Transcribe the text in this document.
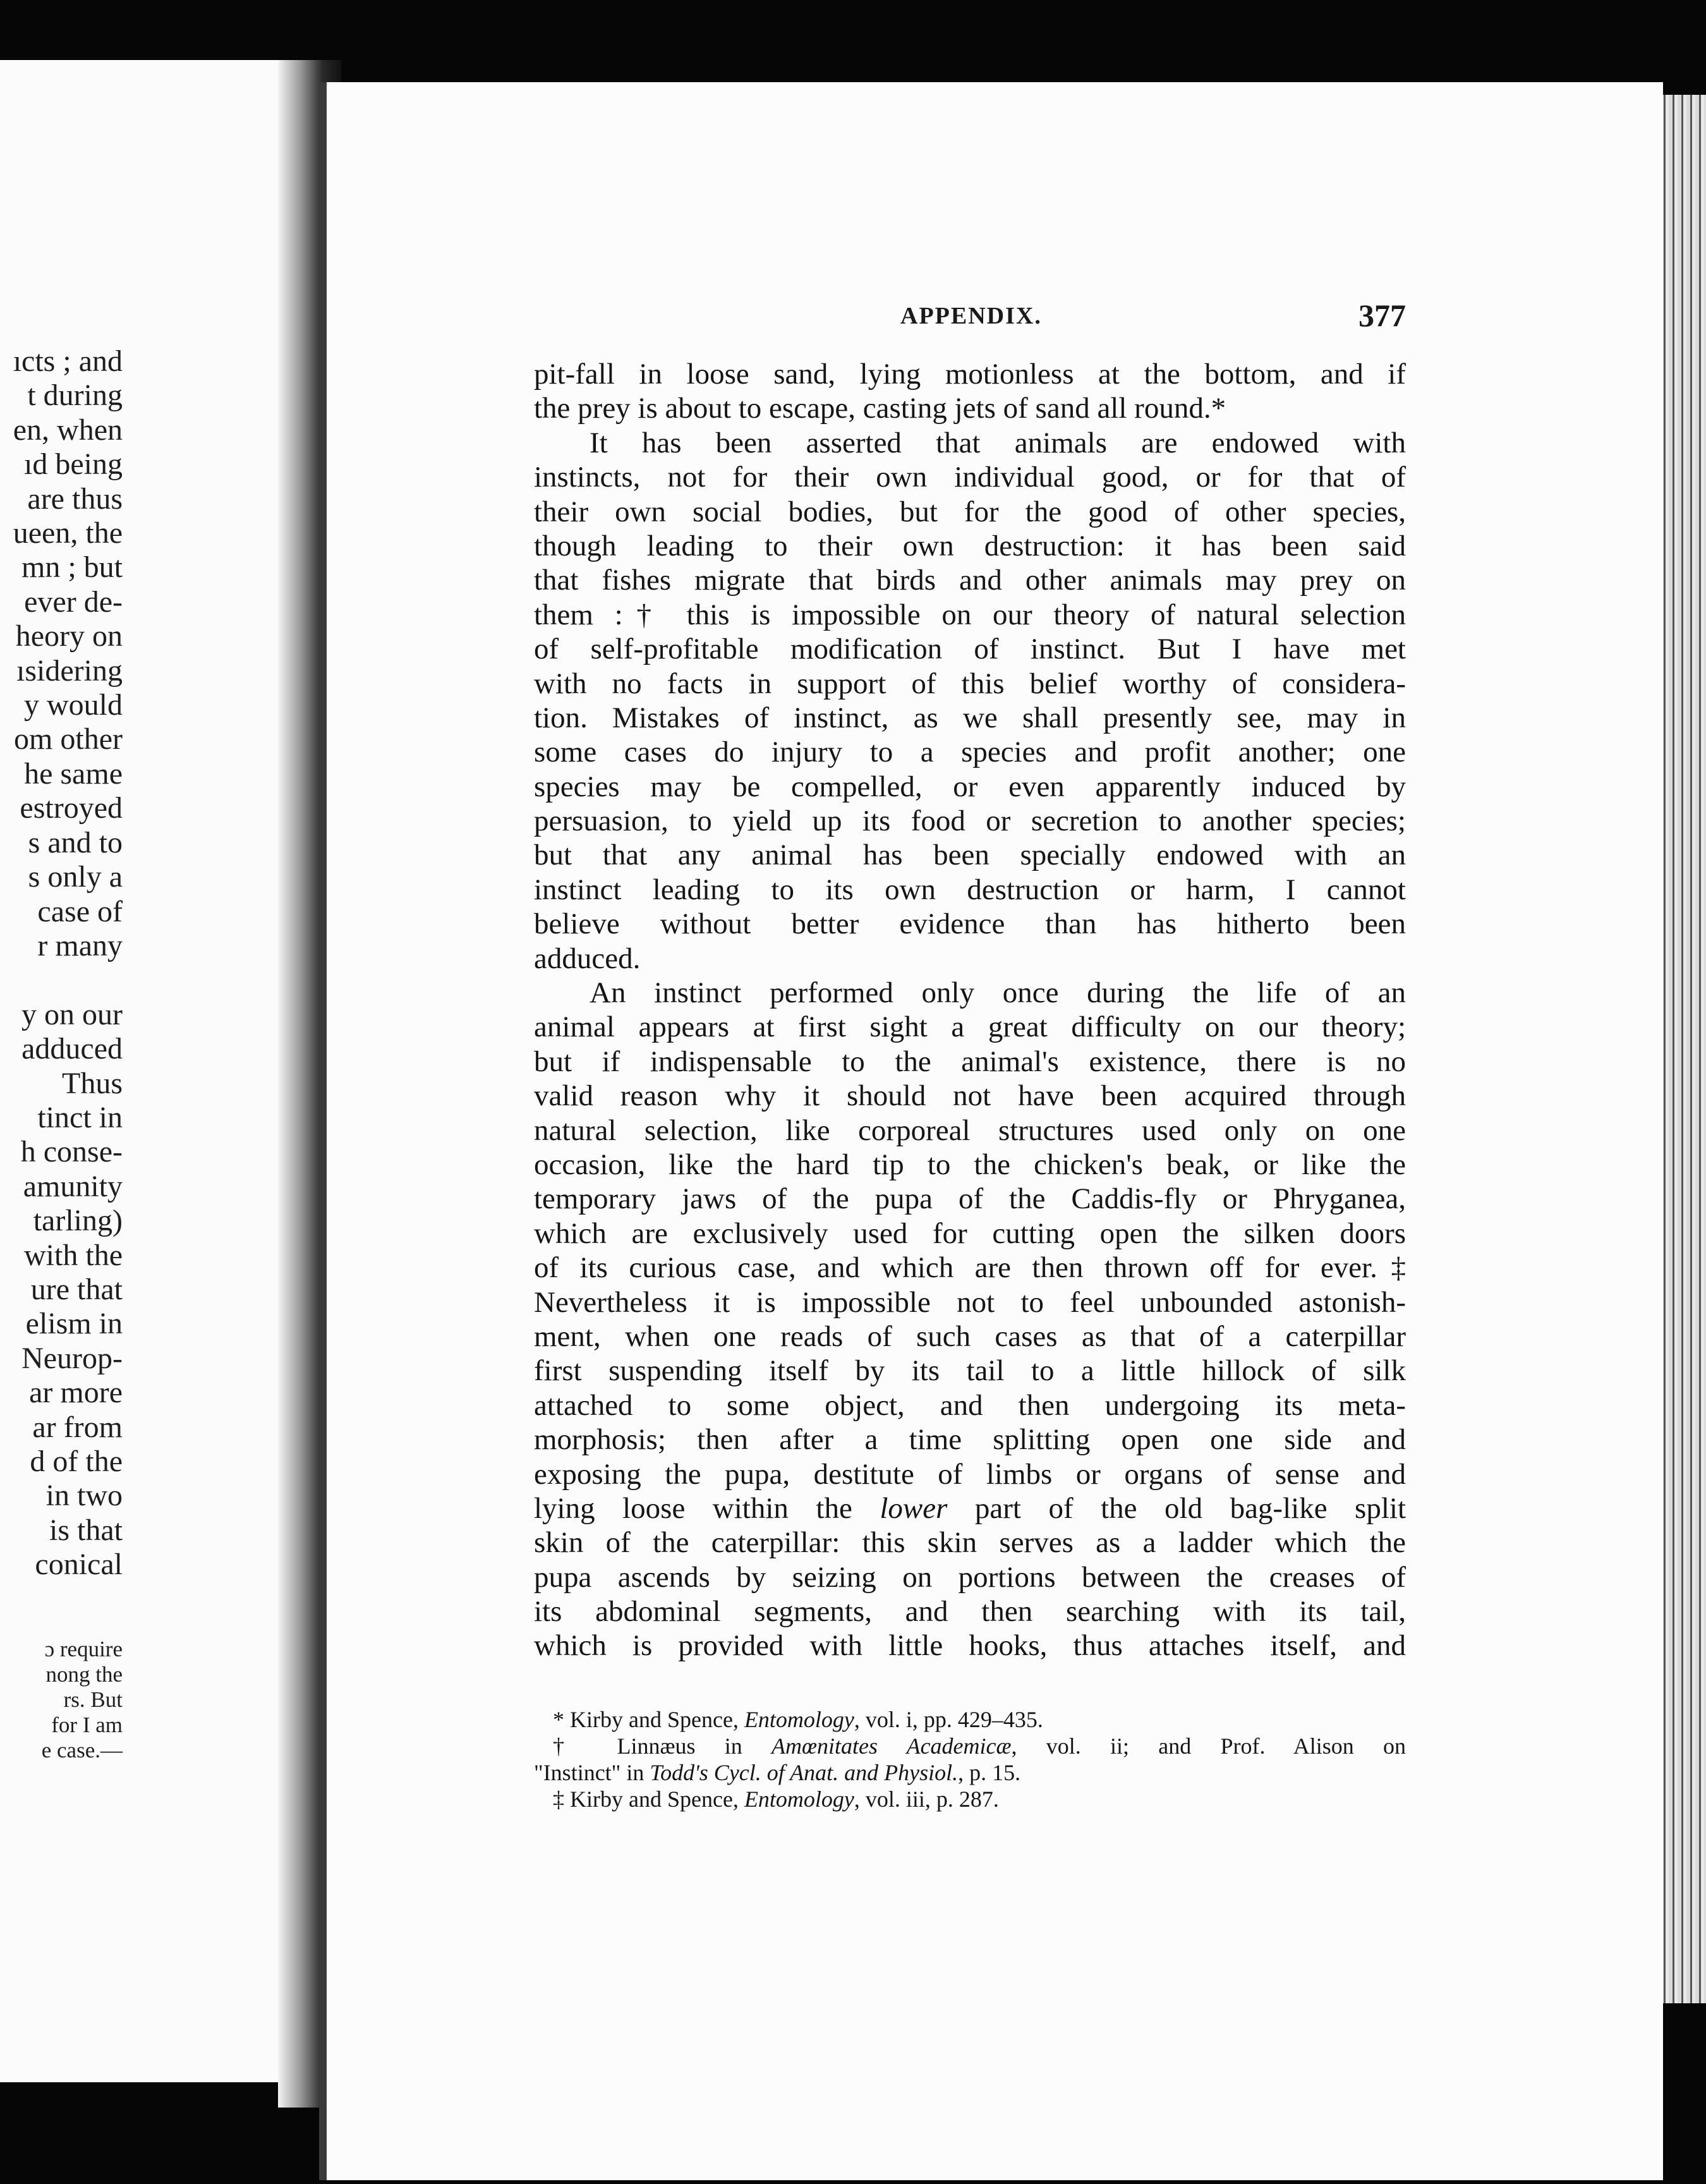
ıcts ; and
t during
en, when
ıd being
are thus
ueen, the
mn ; but
ever de-
heory on
ısidering
y would
om other
he same
estroyed
s and to
s only a
case of
r many

y on our
adduced
Thus
tinct in
h conse-
amunity
tarling)
with the
ure that
elism in
Neurop-
ar more
ar from
d of the
in two
is that
conical
ɔ require
nong the
rs. But
for I am
e case.—
APPENDIX.	377
pit-fall in loose sand, lying motionless at the bottom, and if
the prey is about to escape, casting jets of sand all round.*
It has been asserted that animals are endowed with
instincts, not for their own individual good, or for that of
their own social bodies, but for the good of other species,
though leading to their own destruction: it has been said
that fishes migrate that birds and other animals may prey on
them :† this is impossible on our theory of natural selection
of self-profitable modification of instinct. But I have met
with no facts in support of this belief worthy of considera-
tion. Mistakes of instinct, as we shall presently see, may in
some cases do injury to a species and profit another; one
species may be compelled, or even apparently induced by
persuasion, to yield up its food or secretion to another species;
but that any animal has been specially endowed with an
instinct leading to its own destruction or harm, I cannot
believe without better evidence than has hitherto been
adduced.
An instinct performed only once during the life of an
animal appears at first sight a great difficulty on our theory;
but if indispensable to the animal's existence, there is no
valid reason why it should not have been acquired through
natural selection, like corporeal structures used only on one
occasion, like the hard tip to the chicken's beak, or like the
temporary jaws of the pupa of the Caddis-fly or Phryganea,
which are exclusively used for cutting open the silken doors
of its curious case, and which are then thrown off for ever.‡
Nevertheless it is impossible not to feel unbounded astonish-
ment, when one reads of such cases as that of a caterpillar
first suspending itself by its tail to a little hillock of silk
attached to some object, and then undergoing its meta-
morphosis; then after a time splitting open one side and
exposing the pupa, destitute of limbs or organs of sense and
lying loose within the lower part of the old bag-like split
skin of the caterpillar: this skin serves as a ladder which the
pupa ascends by seizing on portions between the creases of
its abdominal segments, and then searching with its tail,
which is provided with little hooks, thus attaches itself, and
* Kirby and Spence, Entomology, vol. i, pp. 429–435.
† Linnæus in Amœnitates Academicæ, vol. ii; and Prof. Alison on
"Instinct" in Todd's Cycl. of Anat. and Physiol., p. 15.
‡ Kirby and Spence, Entomology, vol. iii, p. 287.
